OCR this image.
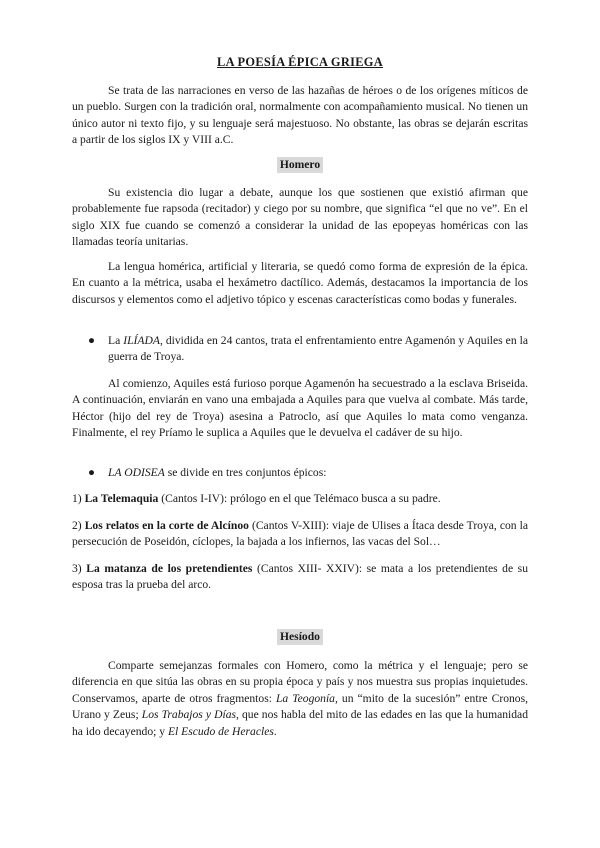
LA POESÍA ÉPICA GRIEGA

Se trata de las narraciones en verso de las hazañas de héroes o de los orígenes míticos de un pueblo. Surgen con la tradición oral, normalmente con acompañamiento musical. No tienen un único autor ni texto fijo, y su lenguaje será majestuoso. No obstante, las obras se dejarán escritas a partir de los siglos IX y VIII a.C.

Homero

Su existencia dio lugar a debate, aunque los que sostienen que existió afirman que probablemente fue rapsoda (recitador) y ciego por su nombre, que significa “el que no ve”. En el siglo XIX fue cuando se comenzó a considerar la unidad de las epopeyas homéricas con las llamadas teoría unitarias.

La lengua homérica, artificial y literaria, se quedó como forma de expresión de la épica. En cuanto a la métrica, usaba el hexámetro dactílico. Además, destacamos la importancia de los discursos y elementos como el adjetivo tópico y escenas características como bodas y funerales.

● La ILÍADA, dividida en 24 cantos, trata el enfrentamiento entre Agamenón y Aquiles en la guerra de Troya.

Al comienzo, Aquiles está furioso porque Agamenón ha secuestrado a la esclava Briseida. A continuación, enviarán en vano una embajada a Aquiles para que vuelva al combate. Más tarde, Héctor (hijo del rey de Troya) asesina a Patroclo, así que Aquiles lo mata como venganza. Finalmente, el rey Príamo le suplica a Aquiles que le devuelva el cadáver de su hijo.

● LA ODISEA se divide en tres conjuntos épicos:

1) La Telemaquia (Cantos I-IV): prólogo en el que Telémaco busca a su padre.

2) Los relatos en la corte de Alcínoo (Cantos V-XIII): viaje de Ulises a Ítaca desde Troya, con la persecución de Poseidón, cíclopes, la bajada a los infiernos, las vacas del Sol…

3) La matanza de los pretendientes (Cantos XIII- XXIV): se mata a los pretendientes de su esposa tras la prueba del arco.

Hesíodo

Comparte semejanzas formales con Homero, como la métrica y el lenguaje; pero se diferencia en que sitúa las obras en su propia época y país y nos muestra sus propias inquietudes. Conservamos, aparte de otros fragmentos: La Teogonía, un “mito de la sucesión” entre Cronos, Urano y Zeus; Los Trabajos y Días, que nos habla del mito de las edades en las que la humanidad ha ido decayendo; y El Escudo de Heracles.
